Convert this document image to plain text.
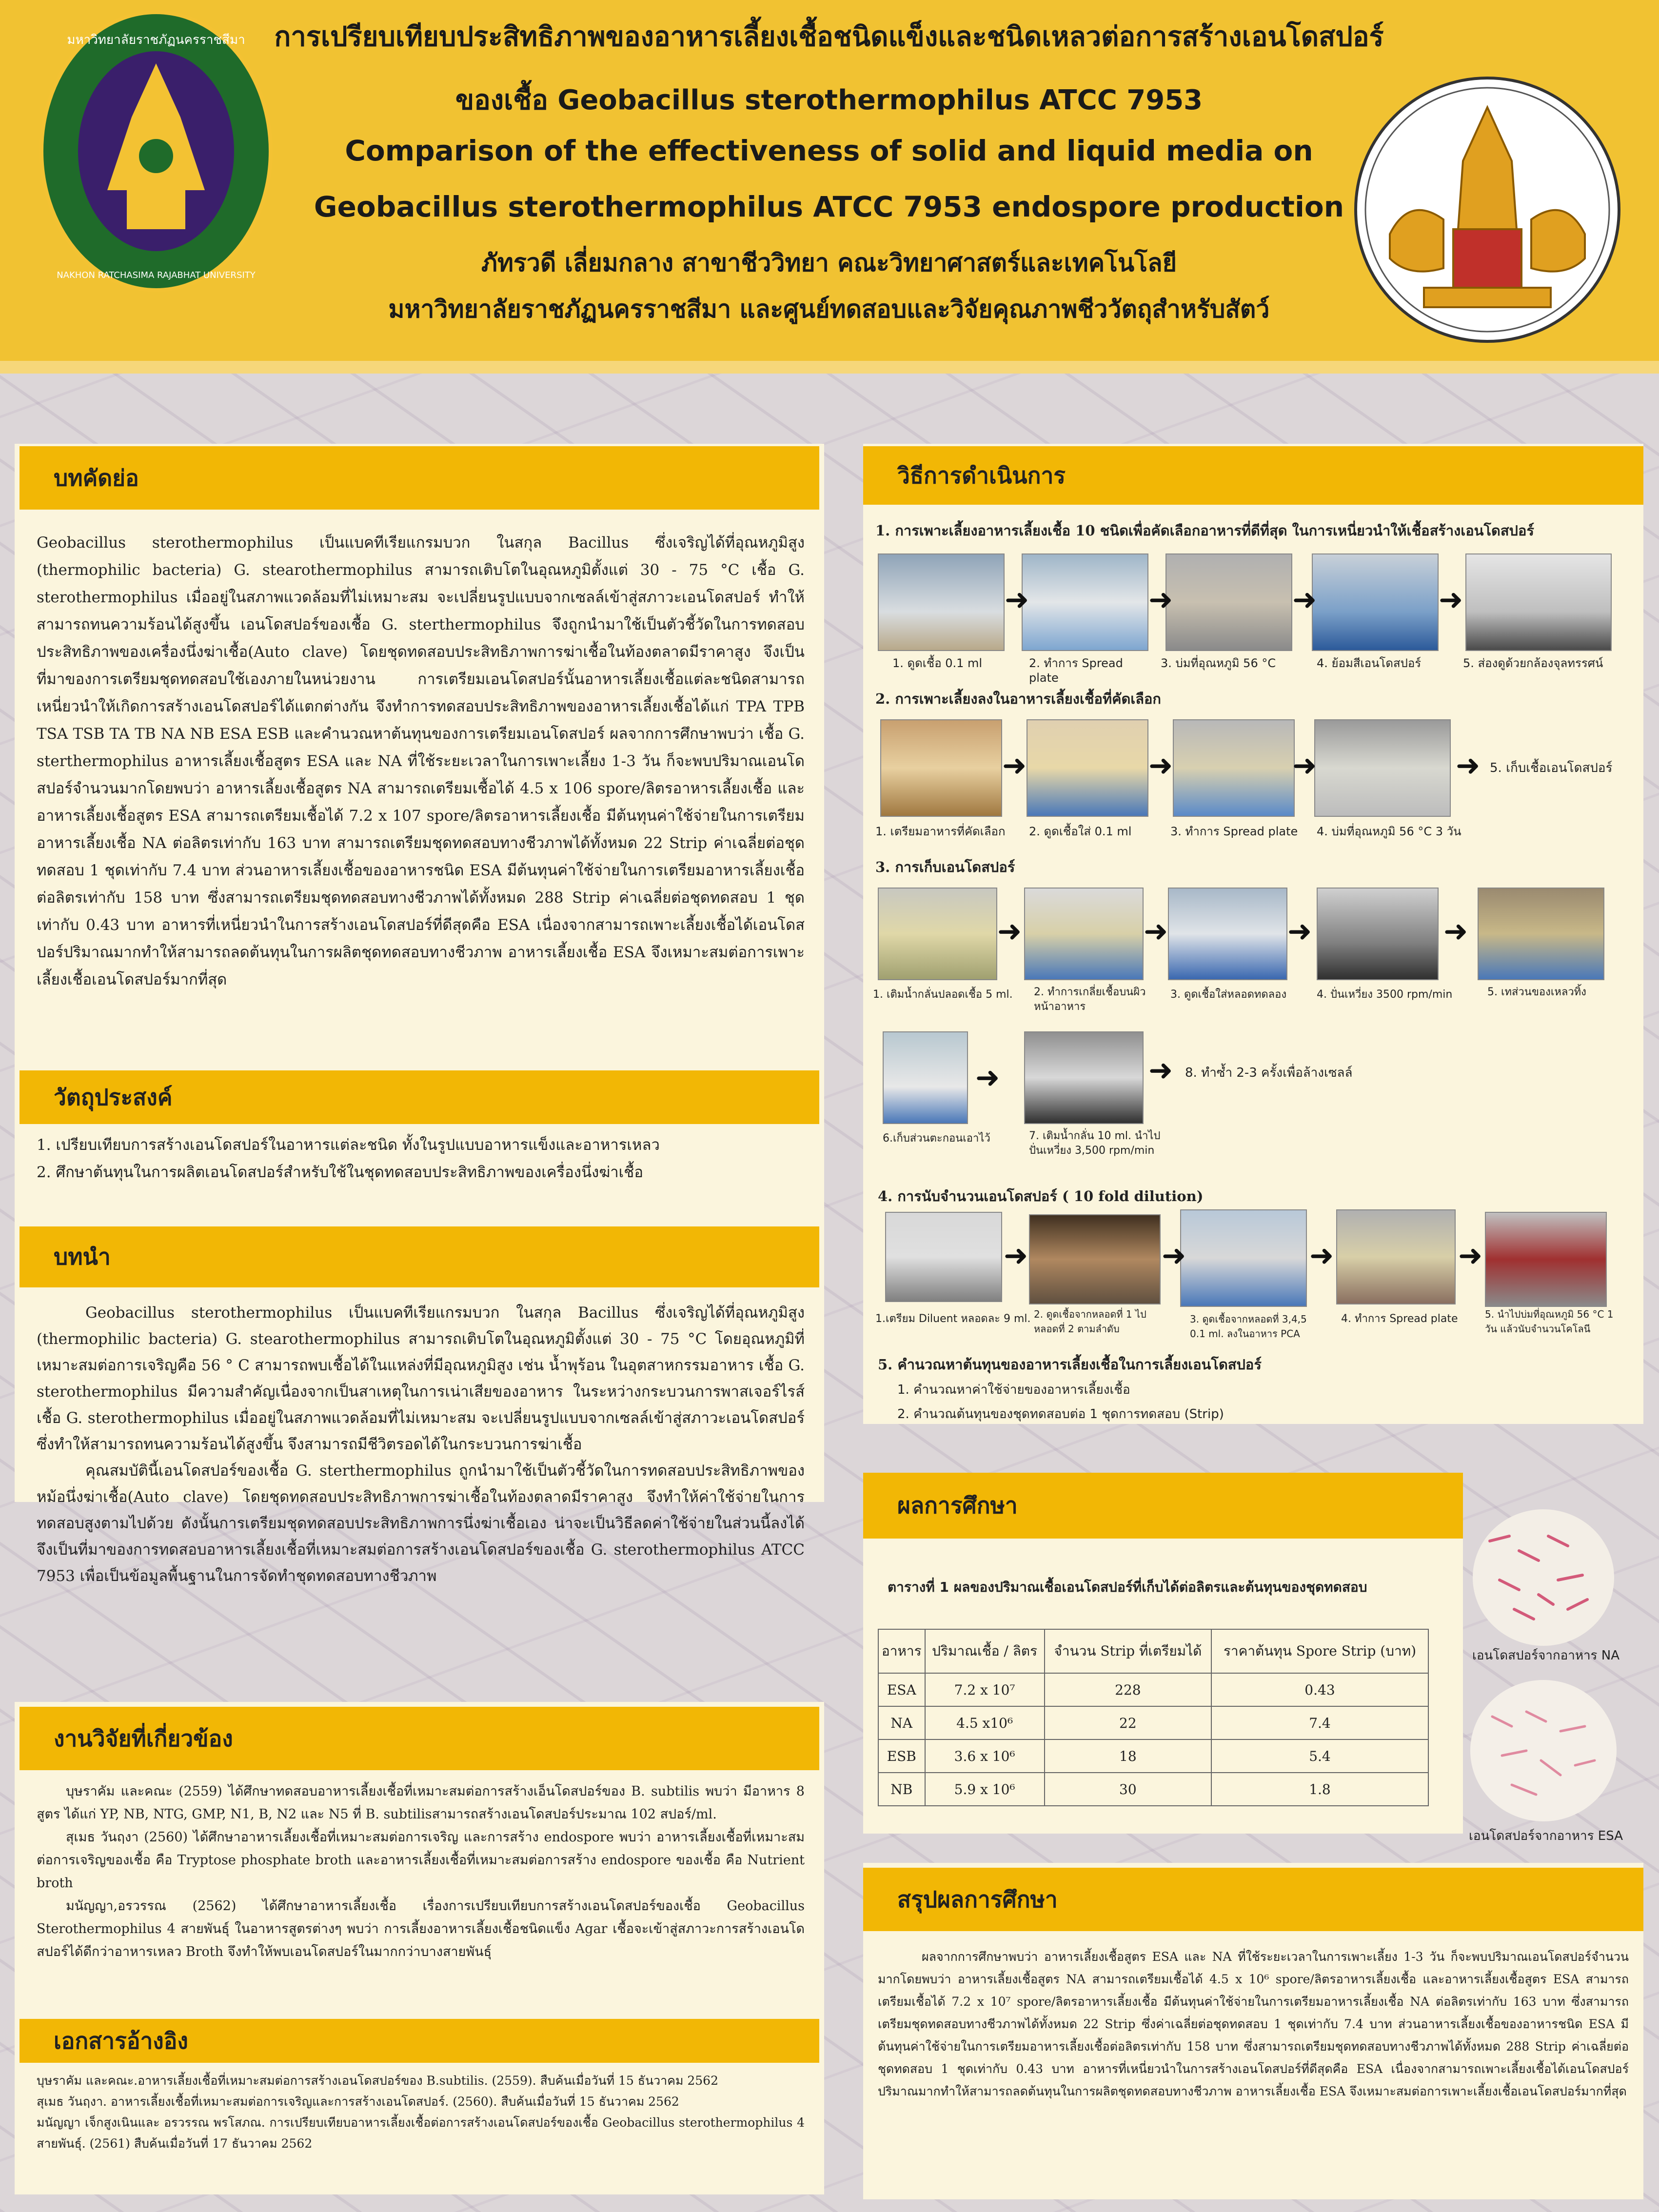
มหาวิทยาลัยราชภัฏนครราชสีมา
NAKHON RATCHASIMA RAJABHAT UNIVERSITY
การเปรียบเทียบประสิทธิภาพของอาหารเลี้ยงเชื้อชนิดแข็งและชนิดเหลวต่อการสร้างเอนโดสปอร์
ของเชื้อ Geobacillus sterothermophilus ATCC 7953
Comparison of the effectiveness of solid and liquid media on
Geobacillus sterothermophilus ATCC 7953 endospore production
ภัทรวดี เลี่ยมกลาง สาขาชีววิทยา คณะวิทยาศาสตร์และเทคโนโลยี
มหาวิทยาลัยราชภัฏนครราชสีมา และศูนย์ทดสอบและวิจัยคุณภาพชีววัตถุสำหรับสัตว์
บทคัดย่อ
Geobacillus sterothermophilus เป็นแบคทีเรียแกรมบวก ในสกุล Bacillus ซึ่งเจริญได้ที่อุณหภูมิสูง (thermophilic bacteria) G. stearothermophilus สามารถเติบโตในอุณหภูมิตั้งแต่ 30 - 75 °C เชื้อ G. sterothermophilus เมื่ออยู่ในสภาพแวดล้อมที่ไม่เหมาะสม จะเปลี่ยนรูปแบบจากเซลล์เข้าสู่สภาวะเอนโดสปอร์ ทำให้สามารถทนความร้อนได้สูงขึ้น เอนโดสปอร์ของเชื้อ G. sterthermophilus จึงถูกนำมาใช้เป็นตัวชี้วัดในการทดสอบประสิทธิภาพของเครื่องนึ่งฆ่าเชื้อ(Auto clave) โดยชุดทดสอบประสิทธิภาพการฆ่าเชื้อในท้องตลาดมีราคาสูง จึงเป็นที่มาของการเตรียมชุดทดสอบใช้เองภายในหน่วยงาน การเตรียมเอนโดสปอร์นั้นอาหารเลี้ยงเชื้อแต่ละชนิดสามารถเหนี่ยวนำให้เกิดการสร้างเอนโดสปอร์ได้แตกต่างกัน จึงทำการทดสอบประสิทธิภาพของอาหารเลี้ยงเชื้อได้แก่ TPA TPB TSA TSB TA TB NA NB ESA ESB และคำนวณหาต้นทุนของการเตรียมเอนโดสปอร์ ผลจากการศึกษาพบว่า เชื้อ G. sterthermophilus อาหารเลี้ยงเชื้อสูตร ESA และ NA ที่ใช้ระยะเวลาในการเพาะเลี้ยง 1-3 วัน ก็จะพบปริมาณเอนโดสปอร์จำนวนมากโดยพบว่า อาหารเลี้ยงเชื้อสูตร NA สามารถเตรียมเชื้อได้ 4.5 x 106 spore/ลิตรอาหารเลี้ยงเชื้อ และอาหารเลี้ยงเชื้อสูตร ESA สามารถเตรียมเชื้อได้ 7.2 x 107 spore/ลิตรอาหารเลี้ยงเชื้อ มีต้นทุนค่าใช้จ่ายในการเตรียมอาหารเลี้ยงเชื้อ NA ต่อลิตรเท่ากับ 163 บาท สามารถเตรียมชุดทดสอบทางชีวภาพได้ทั้งหมด 22 Strip ค่าเฉลี่ยต่อชุดทดสอบ 1 ชุดเท่ากับ 7.4 บาท ส่วนอาหารเลี้ยงเชื้อของอาหารชนิด ESA มีต้นทุนค่าใช้จ่ายในการเตรียมอาหารเลี้ยงเชื้อต่อลิตรเท่ากับ 158 บาท ซึ่งสามารถเตรียมชุดทดสอบทางชีวภาพได้ทั้งหมด 288 Strip ค่าเฉลี่ยต่อชุดทดสอบ 1 ชุดเท่ากับ 0.43 บาท อาหารที่เหนี่ยวนำในการสร้างเอนโดสปอร์ที่ดีสุดคือ ESA เนื่องจากสามารถเพาะเลี้ยงเชื้อได้เอนโดสปอร์ปริมาณมากทำให้สามารถลดต้นทุนในการผลิตชุดทดสอบทางชีวภาพ อาหารเลี้ยงเชื้อ ESA จึงเหมาะสมต่อการเพาะเลี้ยงเชื้อเอนโดสปอร์มากที่สุด
วัตถุประสงค์

1. เปรียบเทียบการสร้างเอนโดสปอร์ในอาหารแต่ละชนิด ทั้งในรูปแบบอาหารแข็งและอาหารเหลว

2. ศึกษาต้นทุนในการผลิตเอนโดสปอร์สำหรับใช้ในชุดทดสอบประสิทธิภาพของเครื่องนึ่งฆ่าเชื้อ

บทนำ

Geobacillus sterothermophilus เป็นแบคทีเรียแกรมบวก ในสกุล Bacillus ซึ่งเจริญได้ที่อุณหภูมิสูง (thermophilic bacteria) G. stearothermophilus สามารถเติบโตในอุณหภูมิตั้งแต่ 30 - 75 °C โดยอุณหภูมิที่เหมาะสมต่อการเจริญคือ 56 ° C สามารถพบเชื้อได้ในแหล่งที่มีอุณหภูมิสูง เช่น น้ำพุร้อน ในอุตสาหกรรมอาหาร เชื้อ G. sterothermophilus มีความสำคัญเนื่องจากเป็นสาเหตุในการเน่าเสียของอาหาร ในระหว่างกระบวนการพาสเจอร์ไรส์ เชื้อ G. sterothermophilus เมื่ออยู่ในสภาพแวดล้อมที่ไม่เหมาะสม จะเปลี่ยนรูปแบบจากเซลล์เข้าสู่สภาวะเอนโดสปอร์ ซึ่งทำให้สามารถทนความร้อนได้สูงขึ้น จึงสามารถมีชีวิตรอดได้ในกระบวนการฆ่าเชื้อ

คุณสมบัตินี้เอนโดสปอร์ของเชื้อ G. sterthermophilus ถูกนำมาใช้เป็นตัวชี้วัดในการทดสอบประสิทธิภาพของหม้อนึ่งฆ่าเชื้อ(Auto clave) โดยชุดทดสอบประสิทธิภาพการฆ่าเชื้อในท้องตลาดมีราคาสูง จึงทำให้ค่าใช้จ่ายในการทดสอบสูงตามไปด้วย ดังนั้นการเตรียมชุดทดสอบประสิทธิภาพการนึ่งฆ่าเชื้อเอง น่าจะเป็นวิธีลดค่าใช้จ่ายในส่วนนี้ลงได้ จึงเป็นที่มาของการทดสอบอาหารเลี้ยงเชื้อที่เหมาะสมต่อการสร้างเอนโดสปอร์ของเชื้อ G. sterothermophilus ATCC 7953 เพื่อเป็นข้อมูลพื้นฐานในการจัดทำชุดทดสอบทางชีวภาพ

งานวิจัยที่เกี่ยวข้อง

บุษราคัม และคณะ (2559) ได้ศึกษาทดสอบอาหารเลี้ยงเชื้อที่เหมาะสมต่อการสร้างเอ็นโดสปอร์ของ B. subtilis พบว่า มีอาหาร 8 สูตร ได้แก่ YP, NB, NTG, GMP, N1, B, N2 และ N5 ที่ B. subtilisสามารถสร้างเอนโดสปอร์ประมาณ 102 สปอร์/ml.

สุเมธ วันฤงา (2560) ได้ศึกษาอาหารเลี้ยงเชื้อที่เหมาะสมต่อการเจริญ และการสร้าง endospore พบว่า อาหารเลี้ยงเชื้อที่เหมาะสมต่อการเจริญของเชื้อ คือ Tryptose phosphate broth และอาหารเลี้ยงเชื้อที่เหมาะสมต่อการสร้าง endospore ของเชื้อ คือ Nutrient broth

มนัญญา,อรวรรณ (2562) ได้ศึกษาอาหารเลี้ยงเชื้อ เรื่องการเปรียบเทียบการสร้างเอนโดสปอร์ของเชื้อ Geobacillus Sterothermophilus 4 สายพันธุ์ ในอาหารสูตรต่างๆ พบว่า การเลี้ยงอาหารเลี้ยงเชื้อชนิดแข็ง Agar เชื้อจะเข้าสู่สภาวะการสร้างเอนโดสปอร์ได้ดีกว่าอาหารเหลว Broth จึงทำให้พบเอนโดสปอร์ในมากกว่าบางสายพันธุ์

เอกสารอ้างอิง

บุษราคัม และคณะ.อาหารเลี้ยงเชื้อที่เหมาะสมต่อการสร้างเอนโดสปอร์ของ B.subtilis. (2559). สืบค้นเมื่อวันที่ 15 ธันวาคม 2562

สุเมธ วันฤงา. อาหารเลี้ยงเชื้อที่เหมาะสมต่อการเจริญและการสร้างเอนโดสปอร์. (2560). สืบค้นเมื่อวันที่ 15 ธันวาคม 2562

มนัญญา เจ็กสูงเนินและ อรวรรณ พรโสภณ. การเปรียบเทียบอาหารเลี้ยงเชื้อต่อการสร้างเอนโดสปอร์ของเชื้อ Geobacillus sterothermophilus 4 สายพันธุ์. (2561) สืบค้นเมื่อวันที่ 17 ธันวาคม 2562

วิธีการดำเนินการ
1. การเพาะเลี้ยงอาหารเลี้ยงเชื้อ 10 ชนิดเพื่อคัดเลือกอาหารที่ดีที่สุด ในการเหนี่ยวนำให้เชื้อสร้างเอนโดสปอร์
➜	➜	➜	➜
1. ดูดเชื้อ 0.1 ml	2. ทำการ Spread plate
3. บ่มที่อุณหภูมิ 56 °C	4. ย้อมสีเอนโดสปอร์	5. ส่องดูด้วยกล้องจุลทรรศน์
2. การเพาะเลี้ยงลงในอาหารเลี้ยงเชื้อที่คัดเลือก
➜	➜	➜	➜ 5. เก็บเชื้อเอนโดสปอร์
1. เตรียมอาหารที่คัดเลือก	2. ดูดเชื้อใส่ 0.1 ml	3. ทำการ Spread plate	4. บ่มที่อุณหภูมิ 56 °C 3 วัน
3. การเก็บเอนโดสปอร์
➜	➜	➜	➜
1. เติมน้ำกลั่นปลอดเชื้อ 5 ml.	2. ทำการเกลี่ยเชื้อบนผิวหน้าอาหาร
3. ดูดเชื้อใส่หลอดทดลอง	4. ปั่นเหวี่ยง 3500 rpm/min	5. เทส่วนของเหลวทิ้ง
➜	➜ 8. ทำซ้ำ 2-3 ครั้งเพื่อล้างเซลล์
6.เก็บส่วนตะกอนเอาไว้	7. เติมน้ำกลั่น 10 ml. นำไปปั่นเหวี่ยง 3,500 rpm/min
4. การนับจำนวนเอนโดสปอร์ ( 10 fold dilution)
➜	➜	➜	➜
1.เตรียม Diluent หลอดละ 9 ml. 2. ดูดเชื้อจากหลอดที่ 1 ไปหลอดที่ 2 ตามลำดับ
3. ดูดเชื้อจากหลอดที่ 3,4,5 0.1 ml. ลงในอาหาร PCA
4. ทำการ Spread plate	5. นำไปบ่มที่อุณหภูมิ 56 °C 1 วัน แล้วนับจำนวนโคโลนี
5. คำนวณหาต้นทุนของอาหารเลี้ยงเชื้อในการเลี้ยงเอนโดสปอร์
1. คำนวณหาค่าใช้จ่ายของอาหารเลี้ยงเชื้อ
2. คำนวณต้นทุนของชุดทดสอบต่อ 1 ชุดการทดสอบ (Strip)
ผลการศึกษา
ตารางที่ 1 ผลของปริมาณเชื้อเอนโดสปอร์ที่เก็บได้ต่อลิตรและต้นทุนของชุดทดสอบ
อาหาร	ปริมาณเชื้อ / ลิตร	จำนวน Strip ที่เตรียมได้	ราคาต้นทุน Spore Strip (บาท)
ESA	7.2 x 10⁷	228	0.43
NA	4.5 x10⁶	22	7.4
ESB	3.6 x 10⁶	18	5.4
NB	5.9 x 10⁶	30	1.8
เอนโดสปอร์จากอาหาร NA
เอนโดสปอร์จากอาหาร ESA
สรุปผลการศึกษา
ผลจากการศึกษาพบว่า อาหารเลี้ยงเชื้อสูตร ESA และ NA ที่ใช้ระยะเวลาในการเพาะเลี้ยง 1-3 วัน ก็จะพบปริมาณเอนโดสปอร์จำนวนมากโดยพบว่า อาหารเลี้ยงเชื้อสูตร NA สามารถเตรียมเชื้อได้ 4.5 x 10⁶ spore/ลิตรอาหารเลี้ยงเชื้อ และอาหารเลี้ยงเชื้อสูตร ESA สามารถเตรียมเชื้อได้ 7.2 x 10⁷ spore/ลิตรอาหารเลี้ยงเชื้อ มีต้นทุนค่าใช้จ่ายในการเตรียมอาหารเลี้ยงเชื้อ NA ต่อลิตรเท่ากับ 163 บาท ซึ่งสามารถเตรียมชุดทดสอบทางชีวภาพได้ทั้งหมด 22 Strip ซึ่งค่าเฉลี่ยต่อชุดทดสอบ 1 ชุดเท่ากับ 7.4 บาท ส่วนอาหารเลี้ยงเชื้อของอาหารชนิด ESA มีต้นทุนค่าใช้จ่ายในการเตรียมอาหารเลี้ยงเชื้อต่อลิตรเท่ากับ 158 บาท ซึ่งสามารถเตรียมชุดทดสอบทางชีวภาพได้ทั้งหมด 288 Strip ค่าเฉลี่ยต่อชุดทดสอบ 1 ชุดเท่ากับ 0.43 บาท อาหารที่เหนี่ยวนำในการสร้างเอนโดสปอร์ที่ดีสุดคือ ESA เนื่องจากสามารถเพาะเลี้ยงเชื้อได้เอนโดสปอร์ปริมาณมากทำให้สามารถลดต้นทุนในการผลิตชุดทดสอบทางชีวภาพ อาหารเลี้ยงเชื้อ ESA จึงเหมาะสมต่อการเพาะเลี้ยงเชื้อเอนโดสปอร์มากที่สุด
